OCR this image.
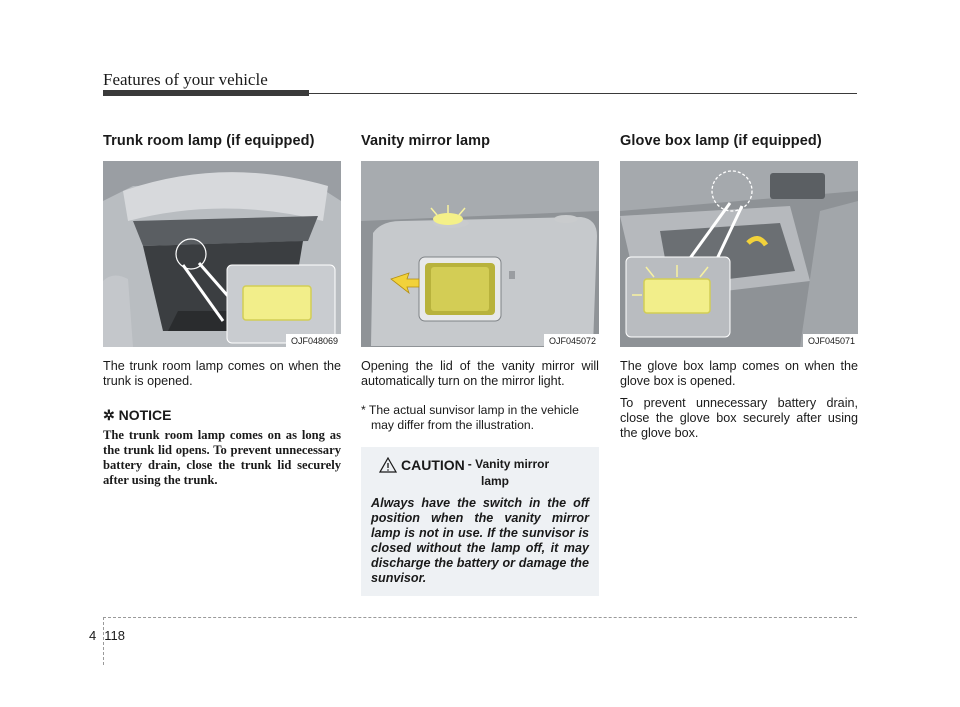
Features of your vehicle
Trunk room lamp (if equipped)
OJF048069

The trunk room lamp comes on when the trunk is opened.

✲ NOTICE

The trunk room lamp comes on as long as the trunk lid opens. To prevent unnecessary battery drain, close the trunk lid securely after using the trunk.

Vanity mirror lamp
OJF045072

Opening the lid of the vanity mirror will automatically turn on the mirror light.

* The actual sunvisor lamp in the vehicle may differ from the illustration.

CAUTION - Vanity mirror
lamp

Always have the switch in the off position when the vanity mirror lamp is not in use. If the sunvisor is closed without the lamp off, it may discharge the battery or damage the sunvisor.

Glove box lamp (if equipped)
OJF045071

The glove box lamp comes on when the glove box is opened.

To prevent unnecessary battery drain, close the glove box securely after using the glove box.

4 118
